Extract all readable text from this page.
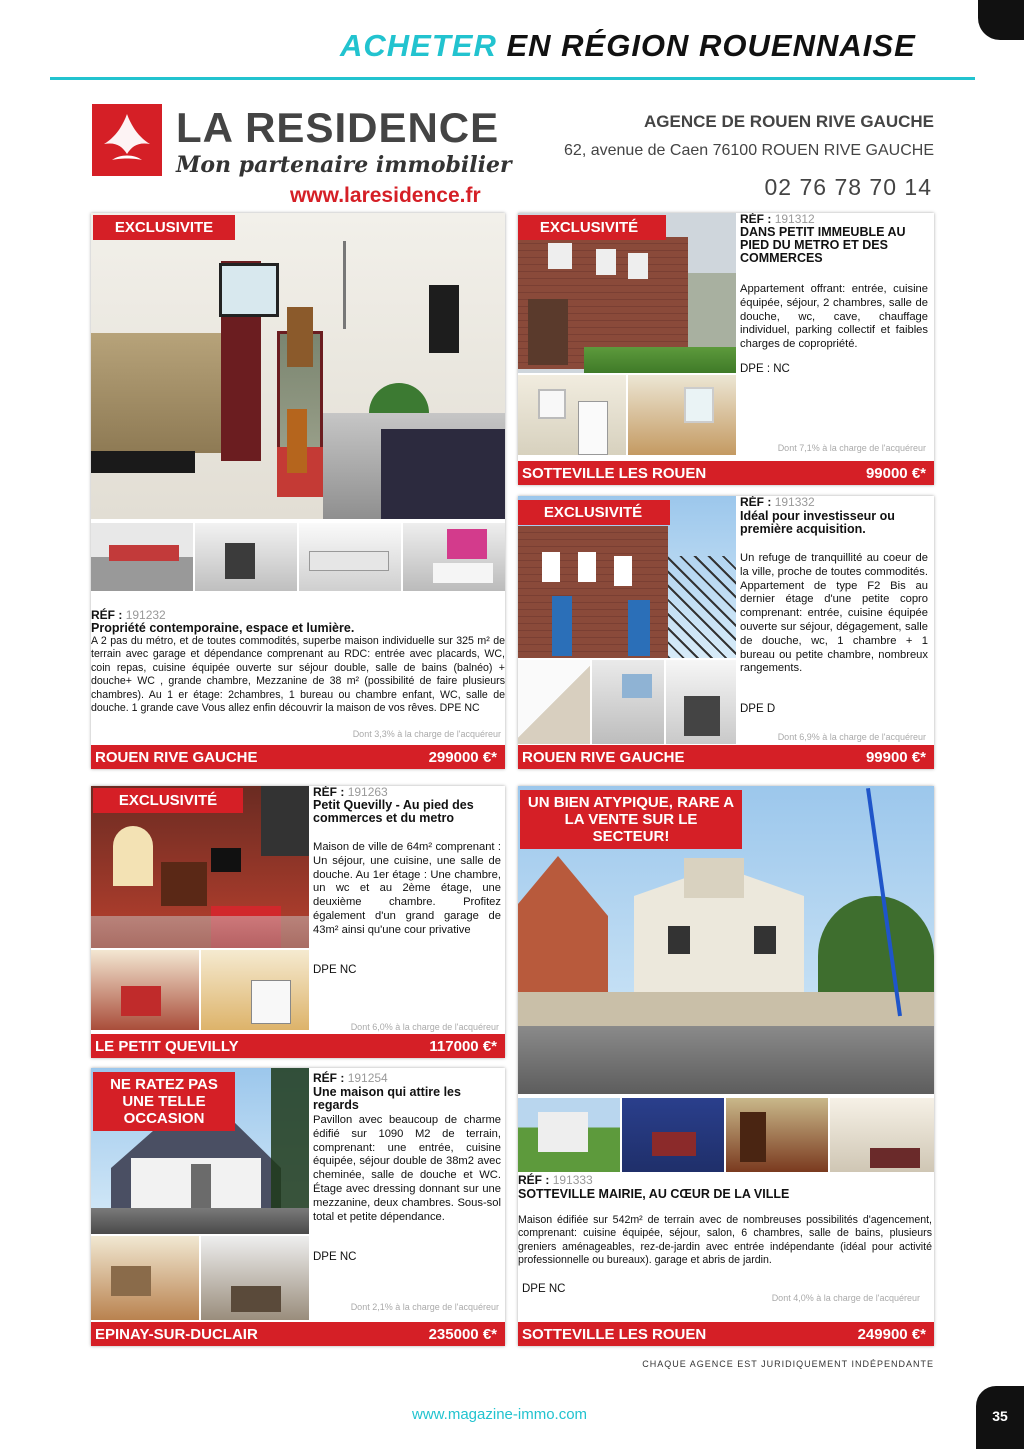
ACHETER EN RÉGION ROUENNAISE
LA RESIDENCE
Mon partenaire immobilier
www.laresidence.fr
AGENCE DE ROUEN RIVE GAUCHE
62, avenue de Caen 76100 ROUEN RIVE GAUCHE
02 76 78 70 14
EXCLUSIVITE
RÉF : 191232
Propriété contemporaine, espace et lumière.
A 2 pas du métro, et de toutes commodités, superbe maison individuelle sur 325 m² de terrain avec garage et dépendance comprenant au RDC: entrée avec placards, WC, coin repas, cuisine équipée ouverte sur séjour double, salle de bains (balnéo) + douche+ WC , grande chambre, Mezzanine de 38 m² (possibilité de faire plusieurs chambres). Au 1 er étage: 2chambres, 1 bureau ou chambre enfant, WC, salle de douche. 1 grande cave Vous allez enfin découvrir la maison de vos rêves. DPE NC
Dont 3,3% à la charge de l'acquéreur
ROUEN RIVE GAUCHE	299000 €*
EXCLUSIVITÉ	RÉF : 191312
DANS PETIT IMMEUBLE AU PIED DU METRO ET DES COMMERCES
Appartement offrant: entrée, cuisine équipée, séjour, 2 chambres, salle de douche, wc, cave, chauffage individuel, parking collectif et faibles charges de copropriété.
DPE : NC
Dont 7,1% à la charge de l'acquéreur
SOTTEVILLE LES ROUEN	99000 €*
EXCLUSIVITÉ
RÉF : 191332
Idéal pour investisseur ou première acquisition.
Un refuge de tranquillité au coeur de la ville, proche de toutes commodités. Appartement de type F2 Bis au dernier étage d'une petite copro comprenant: entrée, cuisine équipée ouverte sur séjour, dégagement, salle de douche, wc, 1 chambre + 1 bureau ou petite chambre, nombreux rangements.
DPE D
Dont 6,9% à la charge de l'acquéreur
ROUEN RIVE GAUCHE	99900 €*
EXCLUSIVITÉ	RÉF : 191263
Petit Quevilly - Au pied des commerces et du metro
Maison de ville de 64m² comprenant : Un séjour, une cuisine, une salle de douche. Au 1er étage : Une chambre, un wc et au 2ème étage, une deuxième chambre. Profitez également d'un grand garage de 43m² ainsi qu'une cour privative
DPE NC
Dont 6,0% à la charge de l'acquéreur
LE PETIT QUEVILLY	117000 €*
UN BIEN ATYPIQUE, RARE A LA VENTE SUR LE SECTEUR!
RÉF : 191333
SOTTEVILLE MAIRIE, AU CŒUR DE LA VILLE
Maison édifiée sur 542m² de terrain avec de nombreuses possibilités d'agencement, comprenant: cuisine équipée, séjour, salon, 6 chambres, salle de bains, plusieurs greniers aménageables, rez-de-jardin avec entrée indépendante (idéal pour activité professionnelle ou bureaux). garage et abris de jardin.
DPE NC
Dont 4,0% à la charge de l'acquéreur
SOTTEVILLE LES ROUEN	249900 €*
NE RATEZ PAS UNE TELLE OCCASION
RÉF : 191254
Une maison qui attire les regards
Pavillon avec beaucoup de charme édifié sur 1090 M2 de terrain, comprenant: une entrée, cuisine équipée, séjour double de 38m2 avec cheminée, salle de douche et WC. Étage avec dressing donnant sur une mezzanine, deux chambres. Sous-sol total et petite dépendance.
DPE NC
Dont 2,1% à la charge de l'acquéreur
EPINAY-SUR-DUCLAIR	235000 €*
CHAQUE AGENCE EST JURIDIQUEMENT INDÉPENDANTE
www.magazine-immo.com	35
